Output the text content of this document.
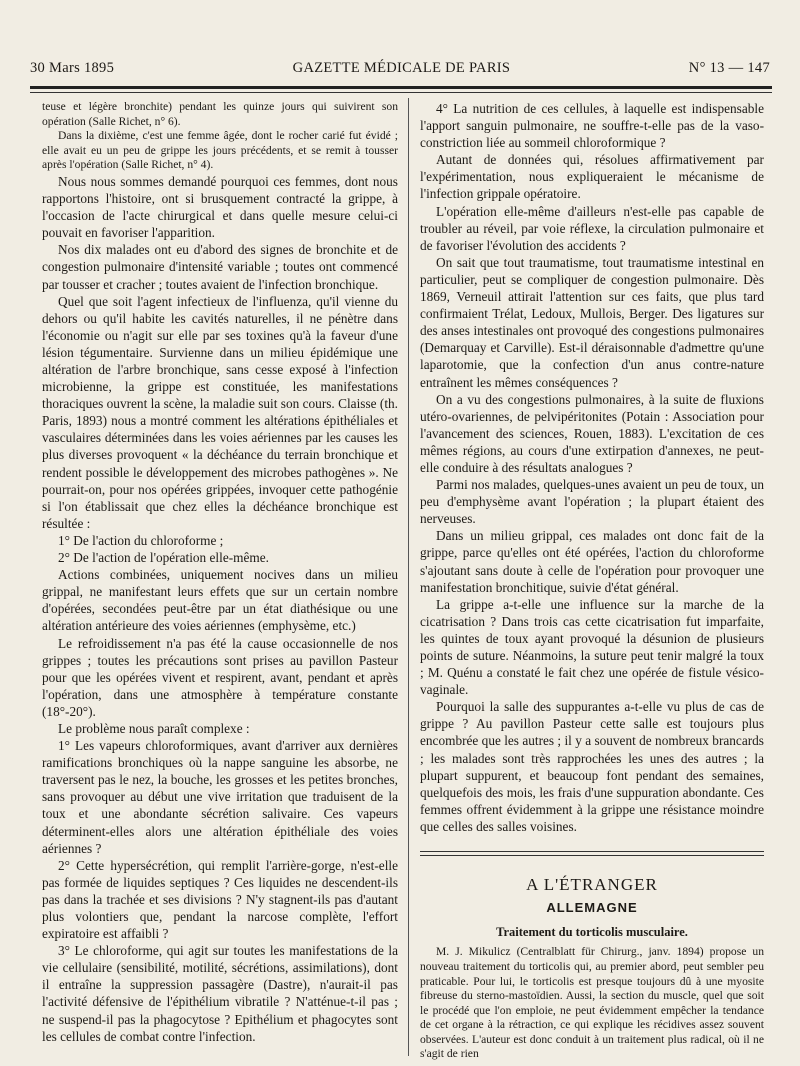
30 Mars 1895	GAZETTE MÉDICALE DE PARIS	N° 13 — 147

teuse et légère bronchite) pendant les quinze jours qui suivirent son opération (Salle Richet, n° 6).

Dans la dixième, c'est une femme âgée, dont le rocher carié fut évidé ; elle avait eu un peu de grippe les jours précédents, et se remit à tousser après l'opération (Salle Richet, n° 4).

Nous nous sommes demandé pourquoi ces femmes, dont nous rapportons l'histoire, ont si brusquement contracté la grippe, à l'occasion de l'acte chirurgical et dans quelle mesure celui-ci pouvait en favoriser l'apparition.

Nos dix malades ont eu d'abord des signes de bronchite et de congestion pulmonaire d'intensité variable ; toutes ont commencé par tousser et cracher ; toutes avaient de l'infection bronchique.

Quel que soit l'agent infectieux de l'influenza, qu'il vienne du dehors ou qu'il habite les cavités naturelles, il ne pénètre dans l'économie ou n'agit sur elle par ses toxines qu'à la faveur d'une lésion tégumentaire. Survienne dans un milieu épidémique une altération de l'arbre bronchique, sans cesse exposé à l'infection microbienne, la grippe est constituée, les manifestations thoraciques ouvrent la scène, la maladie suit son cours. Claisse (th. Paris, 1893) nous a montré comment les altérations épithéliales et vasculaires déterminées dans les voies aériennes par les causes les plus diverses provoquent « la déchéance du terrain bronchique et rendent possible le développement des microbes pathogènes ». Ne pourrait-on, pour nos opérées grippées, invoquer cette pathogénie si l'on établissait que chez elles la déchéance bronchique est résultée :

1° De l'action du chloroforme ;

2° De l'action de l'opération elle-même.

Actions combinées, uniquement nocives dans un milieu grippal, ne manifestant leurs effets que sur un certain nombre d'opérées, secondées peut-être par un état diathésique ou une altération antérieure des voies aériennes (emphysème, etc.)

Le refroidissement n'a pas été la cause occasionnelle de nos grippes ; toutes les précautions sont prises au pavillon Pasteur pour que les opérées vivent et respirent, avant, pendant et après l'opération, dans une atmosphère à température constante (18°-20°).

Le problème nous paraît complexe :

1° Les vapeurs chloroformiques, avant d'arriver aux dernières ramifications bronchiques où la nappe sanguine les absorbe, ne traversent pas le nez, la bouche, les grosses et les petites bronches, sans provoquer au début une vive irritation que traduisent de la toux et une abondante sécrétion salivaire. Ces vapeurs déterminent-elles alors une altération épithéliale des voies aériennes ?

2° Cette hypersécrétion, qui remplit l'arrière-gorge, n'est-elle pas formée de liquides septiques ? Ces liquides ne descendent-ils pas dans la trachée et ses divisions ? N'y stagnent-ils pas d'autant plus volontiers que, pendant la narcose complète, l'effort expiratoire est affaibli ?

3° Le chloroforme, qui agit sur toutes les manifestations de la vie cellulaire (sensibilité, motilité, sécrétions, assimilations), dont il entraîne la suppression passagère (Dastre), n'aurait-il pas l'activité défensive de l'épithélium vibratile ? N'atténue-t-il pas ; ne suspend-il pas la phagocytose ? Epithélium et phagocytes sont les cellules de combat contre l'infection.

4° La nutrition de ces cellules, à laquelle est indispensable l'apport sanguin pulmonaire, ne souffre-t-elle pas de la vaso-constriction liée au sommeil chloroformique ?

Autant de données qui, résolues affirmativement par l'expérimentation, nous expliqueraient le mécanisme de l'infection grippale opératoire.

L'opération elle-même d'ailleurs n'est-elle pas capable de troubler au réveil, par voie réflexe, la circulation pulmonaire et de favoriser l'évolution des accidents ?

On sait que tout traumatisme, tout traumatisme intestinal en particulier, peut se compliquer de congestion pulmonaire. Dès 1869, Verneuil attirait l'attention sur ces faits, que plus tard confirmaient Trélat, Ledoux, Mullois, Berger. Des ligatures sur des anses intestinales ont provoqué des congestions pulmonaires (Demarquay et Carville). Est-il déraisonnable d'admettre qu'une laparotomie, que la confection d'un anus contre-nature entraînent les mêmes conséquences ?

On a vu des congestions pulmonaires, à la suite de fluxions utéro-ovariennes, de pelvipéritonites (Potain : Association pour l'avancement des sciences, Rouen, 1883). L'excitation de ces mêmes régions, au cours d'une extirpation d'annexes, ne peut-elle conduire à des résultats analogues ?

Parmi nos malades, quelques-unes avaient un peu de toux, un peu d'emphysème avant l'opération ; la plupart étaient des nerveuses.

Dans un milieu grippal, ces malades ont donc fait de la grippe, parce qu'elles ont été opérées, l'action du chloroforme s'ajoutant sans doute à celle de l'opération pour provoquer une manifestation bronchitique, suivie d'état général.

La grippe a-t-elle une influence sur la marche de la cicatrisation ? Dans trois cas cette cicatrisation fut imparfaite, les quintes de toux ayant provoqué la désunion de plusieurs points de suture. Néanmoins, la suture peut tenir malgré la toux ; M. Quénu a constaté le fait chez une opérée de fistule vésico-vaginale.

Pourquoi la salle des suppurantes a-t-elle vu plus de cas de grippe ? Au pavillon Pasteur cette salle est toujours plus encombrée que les autres ; il y a souvent de nombreux brancards ; les malades sont très rapprochées les unes des autres ; la plupart suppurent, et beaucoup font pendant des semaines, quelquefois des mois, les frais d'une suppuration abondante. Ces femmes offrent évidemment à la grippe une résistance moindre que celles des salles voisines.

A L'ÉTRANGER
ALLEMAGNE
Traitement du torticolis musculaire.

M. J. Mikulicz (Centralblatt für Chirurg., janv. 1894) propose un nouveau traitement du torticolis qui, au premier abord, peut sembler peu praticable. Pour lui, le torticolis est presque toujours dû à une myosite fibreuse du sterno-mastoïdien. Aussi, la section du muscle, quel que soit le procédé que l'on emploie, ne peut évidemment empêcher la tendance de cet organe à la rétraction, ce qui explique les récidives assez souvent observées. L'auteur est donc conduit à un traitement plus radical, où il ne s'agit de rien
